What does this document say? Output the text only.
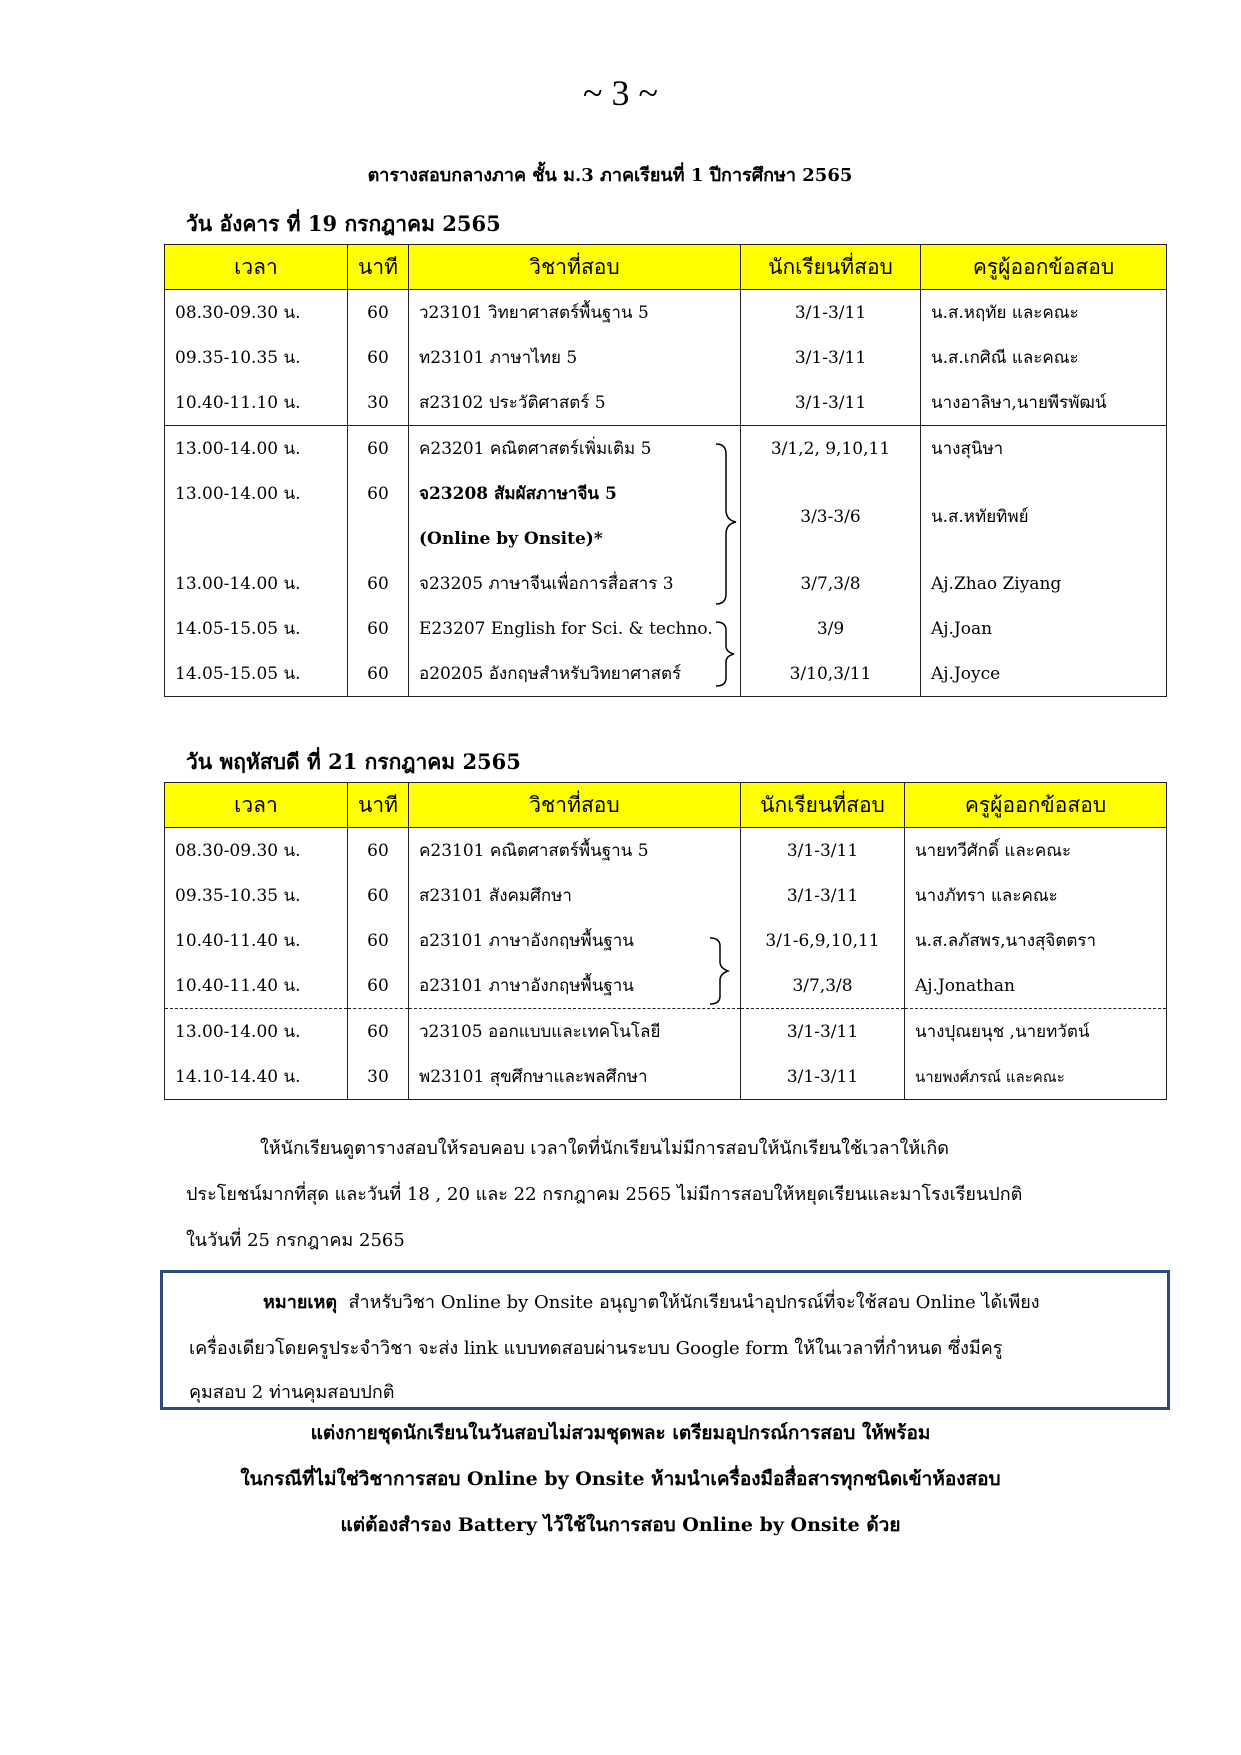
~ 3 ~
ตารางสอบกลางภาค ชั้น ม.3 ภาคเรียนที่ 1 ปีการศึกษา 2565
วัน อังคาร ที่ 19 กรกฎาคม 2565
เวลา	นาที	วิชาที่สอบ	นักเรียนที่สอบ	ครูผู้ออกข้อสอบ
08.30-09.30 น.	60	ว23101 วิทยาศาสตร์พื้นฐาน 5	3/1-3/11	น.ส.หฤทัย และคณะ
09.35-10.35 น.	60	ท23101 ภาษาไทย 5	3/1-3/11	น.ส.เกศิณี และคณะ
10.40-11.10 น.	30	ส23102 ประวัติศาสตร์ 5	3/1-3/11	นางอาลิษา,นายพีรพัฒน์
13.00-14.00 น.	60	ค23201 คณิตศาสตร์เพิ่มเติม 5	3/1,2, 9,10,11	นางสุนิษา
13.00-14.00 น.	60	จ23208 สัมผัสภาษาจีน 5		
		(Online by Onsite)*	3/3-3/6	น.ส.หทัยทิพย์
13.00-14.00 น.	60	จ23205 ภาษาจีนเพื่อการสื่อสาร 3	3/7,3/8	Aj.Zhao Ziyang
14.05-15.05 น.	60	E23207 English for Sci. & techno.	3/9	Aj.Joan
14.05-15.05 น.	60	อ20205 อังกฤษสำหรับวิทยาศาสตร์	3/10,3/11	Aj.Joyce
วัน พฤหัสบดี ที่ 21 กรกฎาคม 2565
เวลา	นาที	วิชาที่สอบ	นักเรียนที่สอบ	ครูผู้ออกข้อสอบ
08.30-09.30 น.	60	ค23101 คณิตศาสตร์พื้นฐาน 5	3/1-3/11	นายทวีศักดิ์ และคณะ
09.35-10.35 น.	60	ส23101 สังคมศึกษา	3/1-3/11	นางภัทรา และคณะ
10.40-11.40 น.	60	อ23101 ภาษาอังกฤษพื้นฐาน	3/1-6,9,10,11	น.ส.ลภัสพร,นางสุจิตตรา
10.40-11.40 น.	60	อ23101 ภาษาอังกฤษพื้นฐาน	3/7,3/8	Aj.Jonathan
13.00-14.00 น.	60	ว23105 ออกแบบและเทคโนโลยี	3/1-3/11	นางปุณยนุช ,นายทวัตน์
14.10-14.40 น.	30	พ23101 สุขศึกษาและพลศึกษา	3/1-3/11	นายพงศ์ภรณ์ และคณะ
ให้นักเรียนดูตารางสอบให้รอบคอบ เวลาใดที่นักเรียนไม่มีการสอบให้นักเรียนใช้เวลาให้เกิด
ประโยชน์มากที่สุด และวันที่ 18 , 20 และ 22 กรกฎาคม 2565 ไม่มีการสอบให้หยุดเรียนและมาโรงเรียนปกติ
ในวันที่ 25 กรกฎาคม 2565
หมายเหตุ สำหรับวิชา Online by Onsite อนุญาตให้นักเรียนนำอุปกรณ์ที่จะใช้สอบ Online ได้เพียง
เครื่องเดียวโดยครูประจำวิชา จะส่ง link แบบทดสอบผ่านระบบ Google form ให้ในเวลาที่กำหนด ซึ่งมีครู
คุมสอบ 2 ท่านคุมสอบปกติ
แต่งกายชุดนักเรียนในวันสอบไม่สวมชุดพละ เตรียมอุปกรณ์การสอบ ให้พร้อม
ในกรณีที่ไม่ใช่วิชาการสอบ Online by Onsite ห้ามนำเครื่องมือสื่อสารทุกชนิดเข้าห้องสอบ
แต่ต้องสำรอง Battery ไว้ใช้ในการสอบ Online by Onsite ด้วย
